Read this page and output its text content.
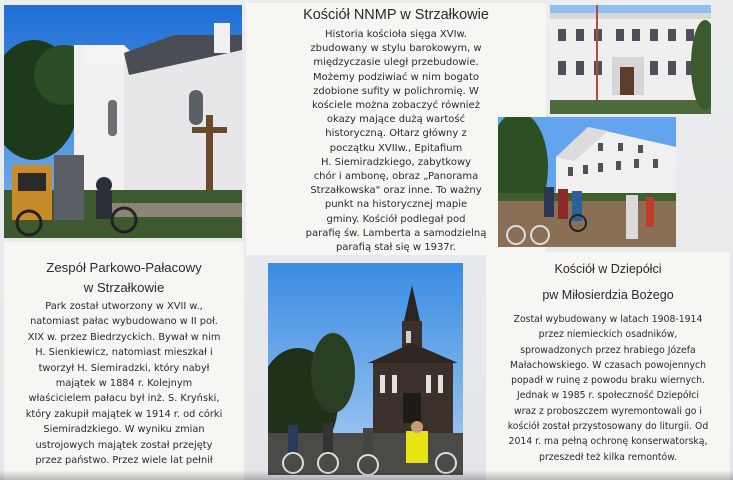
Kościół NNMP w Strzałkowie
Historia kościoła sięga XVIw.
zbudowany w stylu barokowym, w
międzyczasie uległ przebudowie.
Możemy podziwiać w nim bogato
zdobione sufity w polichromię. W
kościele można zobaczyć również
okazy mające dużą wartość
historyczną. Ołtarz główny z
początku XVIIw., Epitafium
H. Siemiradzkiego, zabytkowy
chór i ambonę, obraz „Panorama
Strzałkowska" oraz inne. To ważny
punkt na historycznej mapie
gminy. Kościół podlegał pod
parafię św. Lamberta a samodzielną
parafią stał się w 1937r.
Zespół Parkowo-Pałacowy
w Strzałkowie
Park został utworzony w XVII w.,
natomiast pałac wybudowano w II poł.
XIX w. przez Biedrzyckich. Bywał w nim
H. Sienkiewicz, natomiast mieszkał i
tworzył H. Siemiradzki, który nabył
majątek w 1884 r. Kolejnym
właścicielem pałacu był inż. S. Kryński,
który zakupił majątek w 1914 r. od córki
Siemiradzkiego. W wyniku zmian
ustrojowych majątek został przejęty
przez państwo. Przez wiele lat pełnił
Kościół w Dziepółci
pw Miłosierdzia Bożego
Został wybudowany w latach 1908-1914
przez niemieckich osadników,
sprowadzonych przez hrabiego Józefa
Małachowskiego. W czasach powojennych
popadł w ruinę z powodu braku wiernych.
Jednak w 1985 r. społeczność Dziepółci
wraz z proboszczem wyremontowali go i
kościół został przystosowany do liturgii. Od
2014 r. ma pełną ochronę konserwatorską,
przeszedł też kilka remontów.
